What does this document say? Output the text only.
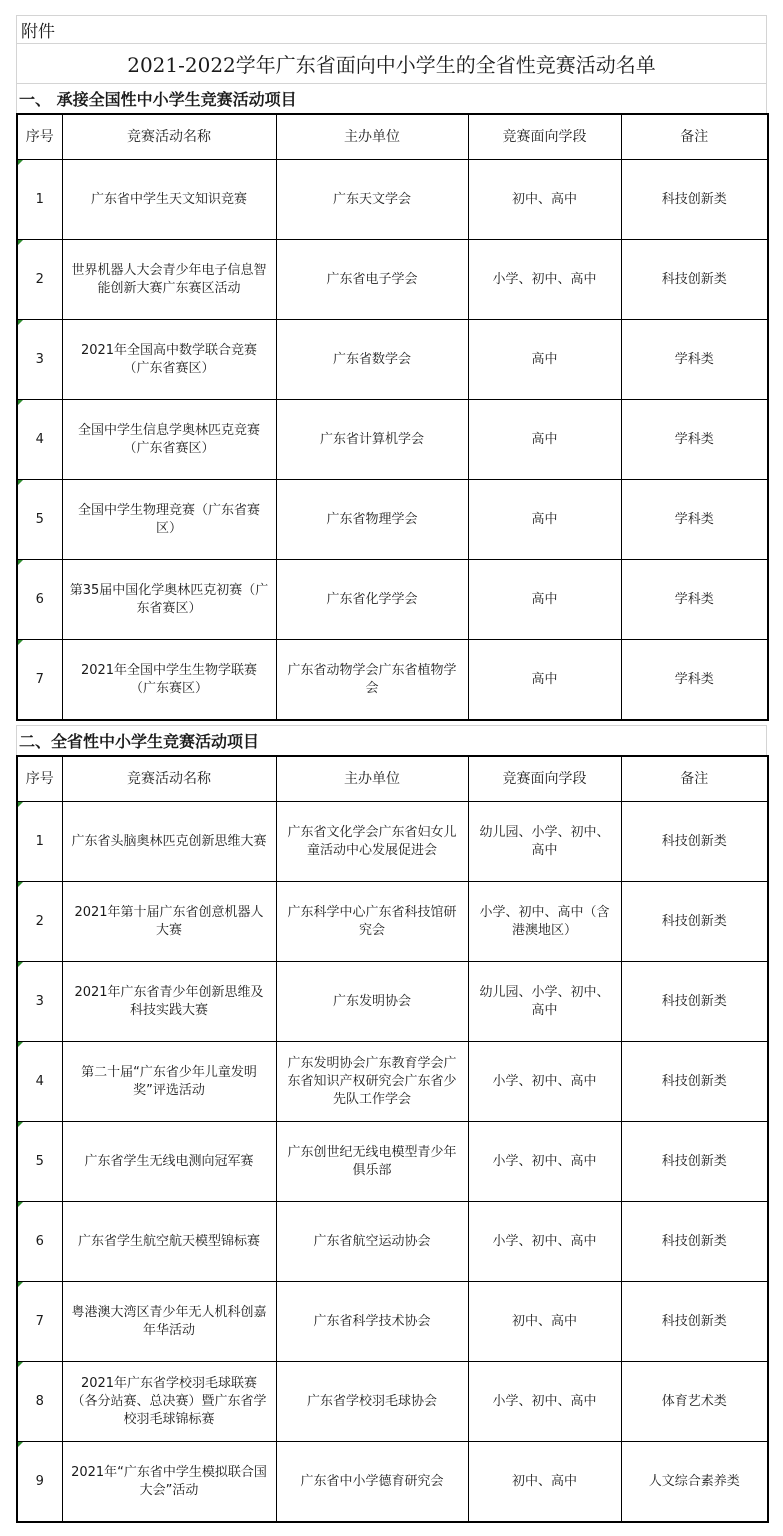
附件
2021-2022学年广东省面向中小学生的全省性竞赛活动名单
一、 承接全国性中小学生竞赛活动项目
序号	竞赛活动名称	主办单位	竞赛面向学段	备注
1	广东省中学生天文知识竞赛	广东天文学会	初中、高中	科技创新类
2	世界机器人大会青少年电子信息智能创新大赛广东赛区活动	广东省电子学会	小学、初中、高中	科技创新类
3	2021年全国高中数学联合竞赛（广东省赛区）	广东省数学会	高中	学科类
4	全国中学生信息学奥林匹克竞赛（广东省赛区）	广东省计算机学会	高中	学科类
5	全国中学生物理竞赛（广东省赛区）	广东省物理学会	高中	学科类
6	第35届中国化学奥林匹克初赛（广东省赛区）	广东省化学学会	高中	学科类
7	2021年全国中学生生物学联赛（广东赛区）	广东省动物学会广东省植物学会	高中	学科类
二、全省性中小学生竞赛活动项目
序号	竞赛活动名称	主办单位	竞赛面向学段	备注
1	广东省头脑奥林匹克创新思维大赛	广东省文化学会广东省妇女儿童活动中心发展促进会	幼儿园、小学、初中、高中	科技创新类
2	2021年第十届广东省创意机器人大赛	广东科学中心广东省科技馆研究会	小学、初中、高中（含港澳地区）	科技创新类
3	2021年广东省青少年创新思维及科技实践大赛	广东发明协会	幼儿园、小学、初中、高中	科技创新类
4	第二十届“广东省少年儿童发明奖”评选活动	广东发明协会广东教育学会广东省知识产权研究会广东省少先队工作学会	小学、初中、高中	科技创新类
5	广东省学生无线电测向冠军赛	广东创世纪无线电模型青少年俱乐部	小学、初中、高中	科技创新类
6	广东省学生航空航天模型锦标赛	广东省航空运动协会	小学、初中、高中	科技创新类
7	粤港澳大湾区青少年无人机科创嘉年华活动	广东省科学技术协会	初中、高中	科技创新类
8	2021年广东省学校羽毛球联赛（各分站赛、总决赛）暨广东省学校羽毛球锦标赛	广东省学校羽毛球协会	小学、初中、高中	体育艺术类
9	2021年“广东省中学生模拟联合国大会”活动	广东省中小学德育研究会	初中、高中	人文综合素养类
